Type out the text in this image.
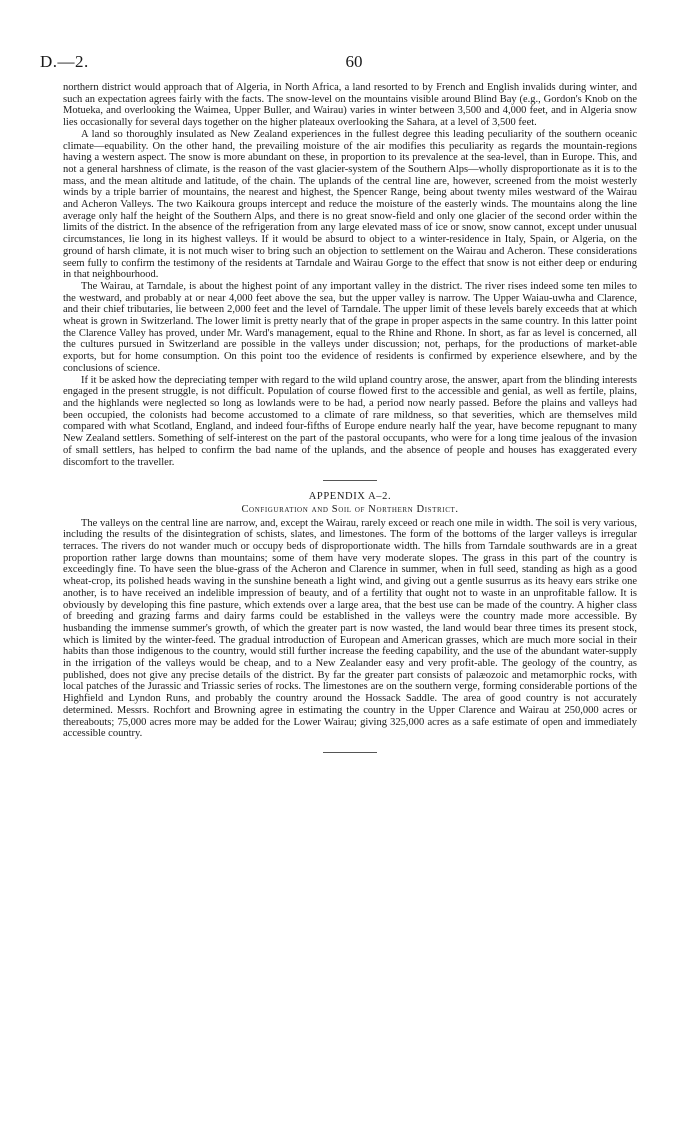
D.—2.	60

northern district would approach that of Algeria, in North Africa, a land resorted to by French and English invalids during winter, and such an expectation agrees fairly with the facts. The snow-level on the mountains visible around Blind Bay (e.g., Gordon's Knob on the Motueka, and overlooking the Waimea, Upper Buller, and Wairau) varies in winter between 3,500 and 4,000 feet, and in Algeria snow lies occasionally for several days together on the higher plateaux overlooking the Sahara, at a level of 3,500 feet.

A land so thoroughly insulated as New Zealand experiences in the fullest degree this leading peculiarity of the southern oceanic climate—equability. On the other hand, the prevailing moisture of the air modifies this peculiarity as regards the mountain-regions having a western aspect. The snow is more abundant on these, in proportion to its prevalence at the sea-level, than in Europe. This, and not a general harshness of climate, is the reason of the vast glacier-system of the Southern Alps—wholly disproportionate as it is to the mass, and the mean altitude and latitude, of the chain. The uplands of the central line are, however, screened from the moist westerly winds by a triple barrier of mountains, the nearest and highest, the Spencer Range, being about twenty miles westward of the Wairau and Acheron Valleys. The two Kaikoura groups intercept and reduce the moisture of the easterly winds. The mountains along the line average only half the height of the Southern Alps, and there is no great snow-field and only one glacier of the second order within the limits of the district. In the absence of the refrigeration from any large elevated mass of ice or snow, snow cannot, except under unusual circumstances, lie long in its highest valleys. If it would be absurd to object to a winter-residence in Italy, Spain, or Algeria, on the ground of harsh climate, it is not much wiser to bring such an objection to settlement on the Wairau and Acheron. These considerations seem fully to confirm the testimony of the residents at Tarndale and Wairau Gorge to the effect that snow is not either deep or enduring in that neighbourhood.

The Wairau, at Tarndale, is about the highest point of any important valley in the district. The river rises indeed some ten miles to the westward, and probably at or near 4,000 feet above the sea, but the upper valley is narrow. The Upper Waiau-uwha and Clarence, and their chief tributaries, lie between 2,000 feet and the level of Tarndale. The upper limit of these levels barely exceeds that at which wheat is grown in Switzerland. The lower limit is pretty nearly that of the grape in proper aspects in the same country. In this latter point the Clarence Valley has proved, under Mr. Ward's management, equal to the Rhine and Rhone. In short, as far as level is concerned, all the cultures pursued in Switzerland are possible in the valleys under discussion; not, perhaps, for the productions of market-able exports, but for home consumption. On this point too the evidence of residents is confirmed by experience elsewhere, and by the conclusions of science.

If it be asked how the depreciating temper with regard to the wild upland country arose, the answer, apart from the blinding interests engaged in the present struggle, is not difficult. Population of course flowed first to the accessible and genial, as well as fertile, plains, and the highlands were neglected so long as lowlands were to be had, a period now nearly passed. Before the plains and valleys had been occupied, the colonists had become accustomed to a climate of rare mildness, so that severities, which are themselves mild compared with what Scotland, England, and indeed four-fifths of Europe endure nearly half the year, have become repugnant to many New Zealand settlers. Something of self-interest on the part of the pastoral occupants, who were for a long time jealous of the invasion of small settlers, has helped to confirm the bad name of the uplands, and the absence of people and houses has exaggerated every discomfort to the traveller.

APPENDIX A–2.
Configuration and Soil of Northern District.

The valleys on the central line are narrow, and, except the Wairau, rarely exceed or reach one mile in width. The soil is very various, including the results of the disintegration of schists, slates, and limestones. The form of the bottoms of the larger valleys is irregular terraces. The rivers do not wander much or occupy beds of disproportionate width. The hills from Tarndale southwards are in a great proportion rather large downs than mountains; some of them have very moderate slopes. The grass in this part of the country is exceedingly fine. To have seen the blue-grass of the Acheron and Clarence in summer, when in full seed, standing as high as a good wheat-crop, its polished heads waving in the sunshine beneath a light wind, and giving out a gentle susurrus as its heavy ears strike one another, is to have received an indelible impression of beauty, and of a fertility that ought not to waste in an unprofitable fallow. It is obviously by developing this fine pasture, which extends over a large area, that the best use can be made of the country. A higher class of breeding and grazing farms and dairy farms could be established in the valleys were the country made more accessible. By husbanding the immense summer's growth, of which the greater part is now wasted, the land would bear three times its present stock, which is limited by the winter-feed. The gradual introduction of European and American grasses, which are much more social in their habits than those indigenous to the country, would still further increase the feeding capability, and the use of the abundant water-supply in the irrigation of the valleys would be cheap, and to a New Zealander easy and very profit-able. The geology of the country, as published, does not give any precise details of the district. By far the greater part consists of palæozoic and metamorphic rocks, with local patches of the Jurassic and Triassic series of rocks. The limestones are on the southern verge, forming considerable portions of the Highfield and Lyndon Runs, and probably the country around the Hossack Saddle. The area of good country is not accurately determined. Messrs. Rochfort and Browning agree in estimating the country in the Upper Clarence and Wairau at 250,000 acres or thereabouts; 75,000 acres more may be added for the Lower Wairau; giving 325,000 acres as a safe estimate of open and immediately accessible country.
